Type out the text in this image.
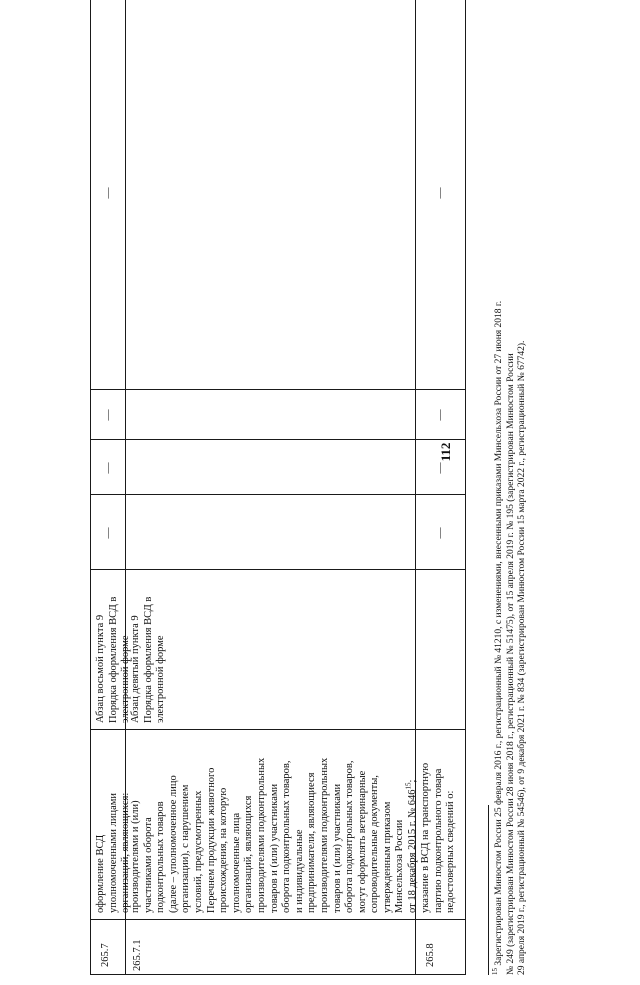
112
265.7
оформление ВСД
уполномоченными лицами
организаций, являющихся:
Абзац восьмой пункта 9
Порядка оформления ВСД в
электронной форме
—
—
—
—
265.7.1
производителями и (или)
участниками оборота
подконтрольных товаров
(далее – уполномоченное лицо
организации), с нарушением
условий, предусмотренных
Перечнем продукции животного
происхождения, на которую
уполномоченные лица
организаций, являющихся
производителями подконтрольных
товаров и (или) участниками
оборота подконтрольных товаров,
и индивидуальные
предприниматели, являющиеся
производителями подконтрольных
товаров и (или) участниками
оборота подконтрольных товаров,
могут оформлять ветеринарные
сопроводительные документы,
утвержденным приказом
Минсельхоза России
от 18 декабря 2015 г. № $646^{15}$;
Абзац девятый пункта 9
Порядка оформления ВСД в
электронной форме
265.8
указание в ВСД на транспортную
партию подконтрольного товара
недостоверных сведений о:
—
—
—
—
$^{15}$ Зарегистрирован Минюстом России 25 февраля 2016 г., регистрационный № 41210, с изменениями, внесенными приказами Минсельхоза России от 27 июня 2018 г. № 249 (зарегистрирован Минюстом России 28 июня 2018 г., регистрационный № 51475), от 15 апреля 2019 г. № 195 (зарегистрирован Минюстом России 29 апреля 2019 г., регистрационный № 54546), от 9 декабря 2021 г. № 834 (зарегистрирован Минюстом России 15 марта 2022 г., регистрационный № 67742).
